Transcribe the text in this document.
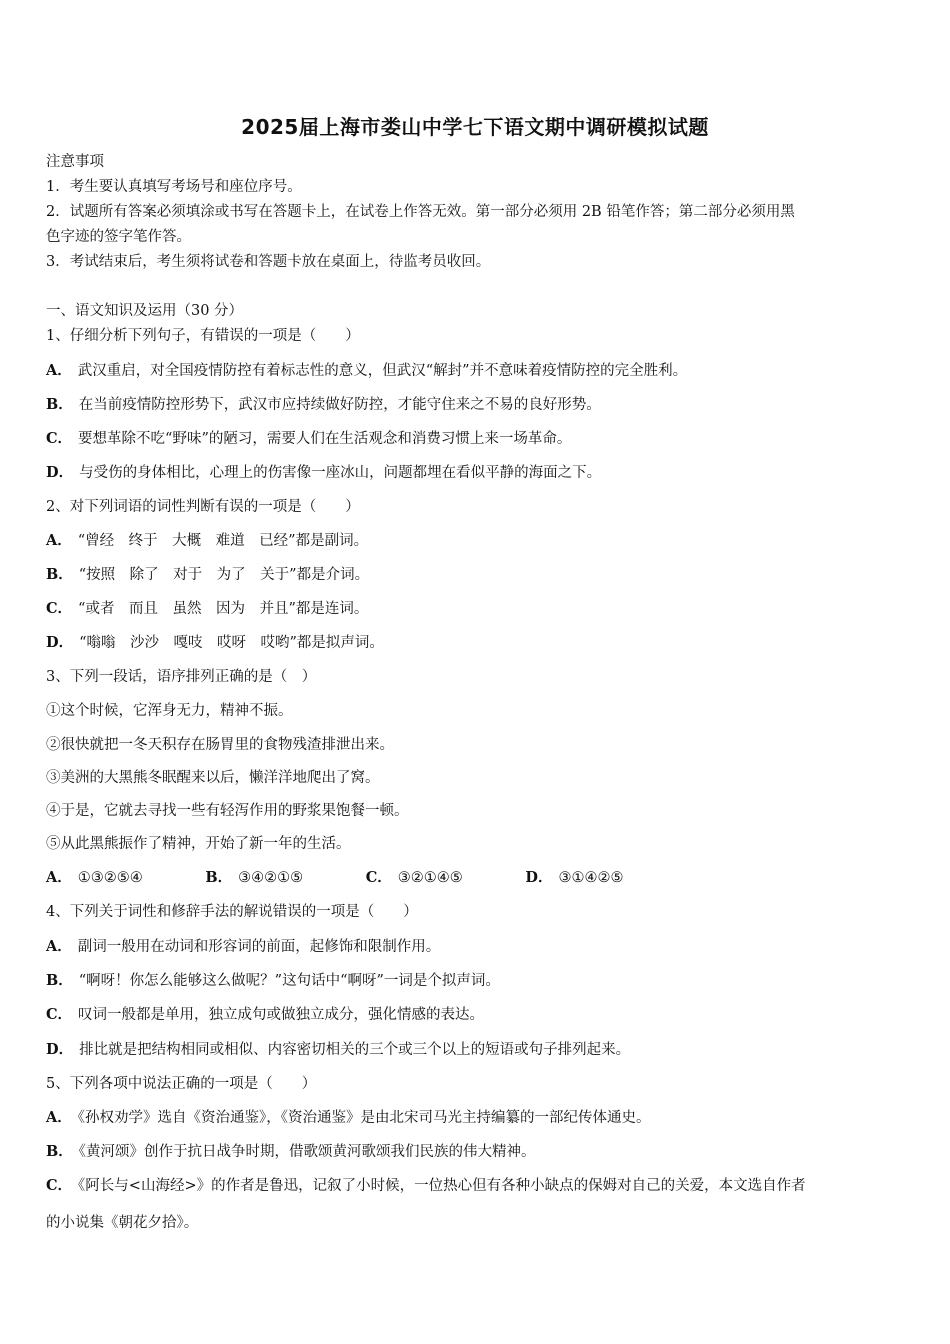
2025届上海市娄山中学七下语文期中调研模拟试题
注意事项
1．考生要认真填写考场号和座位序号。
2．试题所有答案必须填涂或书写在答题卡上，在试卷上作答无效。第一部分必须用 2B 铅笔作答；第二部分必须用黑
色字迹的签字笔作答。
3．考试结束后，考生须将试卷和答题卡放在桌面上，待监考员收回。
一、语文知识及运用（30 分）
1、仔细分析下列句子，有错误的一项是（　　）
A． 武汉重启，对全国疫情防控有着标志性的意义，但武汉“解封”并不意味着疫情防控的完全胜利。
B． 在当前疫情防控形势下，武汉市应持续做好防控，才能守住来之不易的良好形势。
C． 要想革除不吃“野味”的陋习，需要人们在生活观念和消费习惯上来一场革命。
D． 与受伤的身体相比，心理上的伤害像一座冰山，问题都埋在看似平静的海面之下。
2、对下列词语的词性判断有误的一项是（　　）
A． “曾经　终于　大概　难道　已经”都是副词。
B． “按照　除了　对于　为了　关于”都是介词。
C． “或者　而且　虽然　因为　并且”都是连词。
D． “嗡嗡　沙沙　嘎吱　哎呀　哎哟”都是拟声词。
3、下列一段话，语序排列正确的是（　）
①这个时候，它浑身无力，精神不振。
②很快就把一冬天积存在肠胃里的食物残渣排泄出来。
③美洲的大黑熊冬眠醒来以后，懒洋洋地爬出了窝。
④于是，它就去寻找一些有轻泻作用的野浆果饱餐一顿。
⑤从此黑熊振作了精神，开始了新一年的生活。
A． ①③②⑤④	B． ③④②①⑤	C． ③②①④⑤	D． ③①④②⑤
4、下列关于词性和修辞手法的解说错误的一项是（　　）
A． 副词一般用在动词和形容词的前面，起修饰和限制作用。
B． “啊呀！你怎么能够这么做呢？”这句话中“啊呀”一词是个拟声词。
C． 叹词一般都是单用，独立成句或做独立成分，强化情感的表达。
D． 排比就是把结构相同或相似、内容密切相关的三个或三个以上的短语或句子排列起来。
5、下列各项中说法正确的一项是（　　）
A． 《孙权劝学》选自《资治通鉴》，《资治通鉴》是由北宋司马光主持编纂的一部纪传体通史。
B． 《黄河颂》创作于抗日战争时期，借歌颂黄河歌颂我们民族的伟大精神。
C． 《阿长与<山海经>》的作者是鲁迅，记叙了小时候，一位热心但有各种小缺点的保姆对自己的关爱，本文选自作者
的小说集《朝花夕拾》。
